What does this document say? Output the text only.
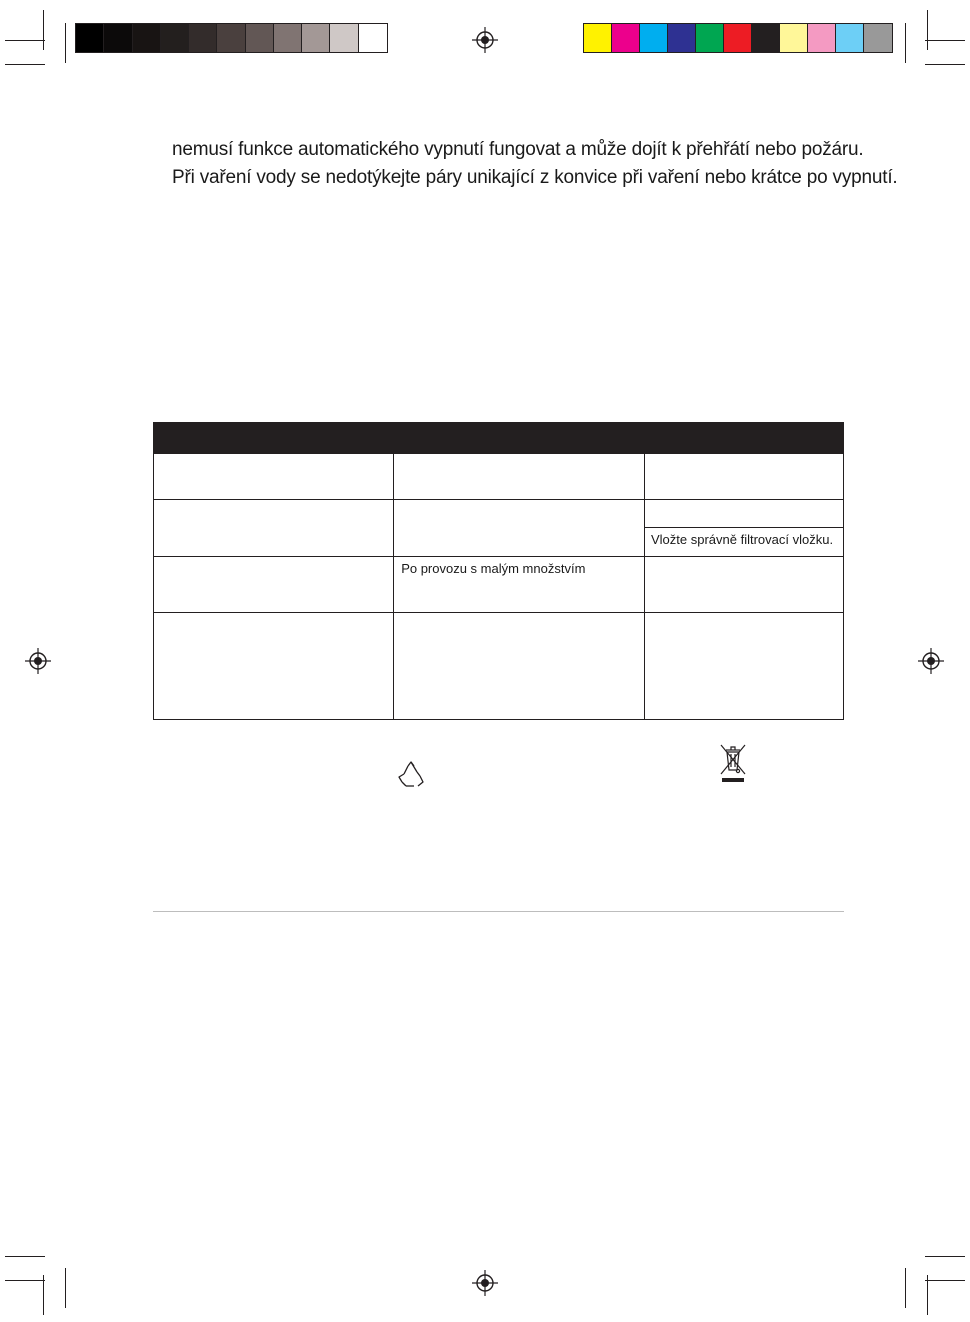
nemusí funkce automatického vypnutí fungovat a může dojít k přehřátí nebo požáru.
Při vaření vody se nedotýkejte páry unikající z konvice při vaření nebo krátce po vypnutí.

		Vložte správně filtrovací vložku.

	Po provozu s malým množstvím	
